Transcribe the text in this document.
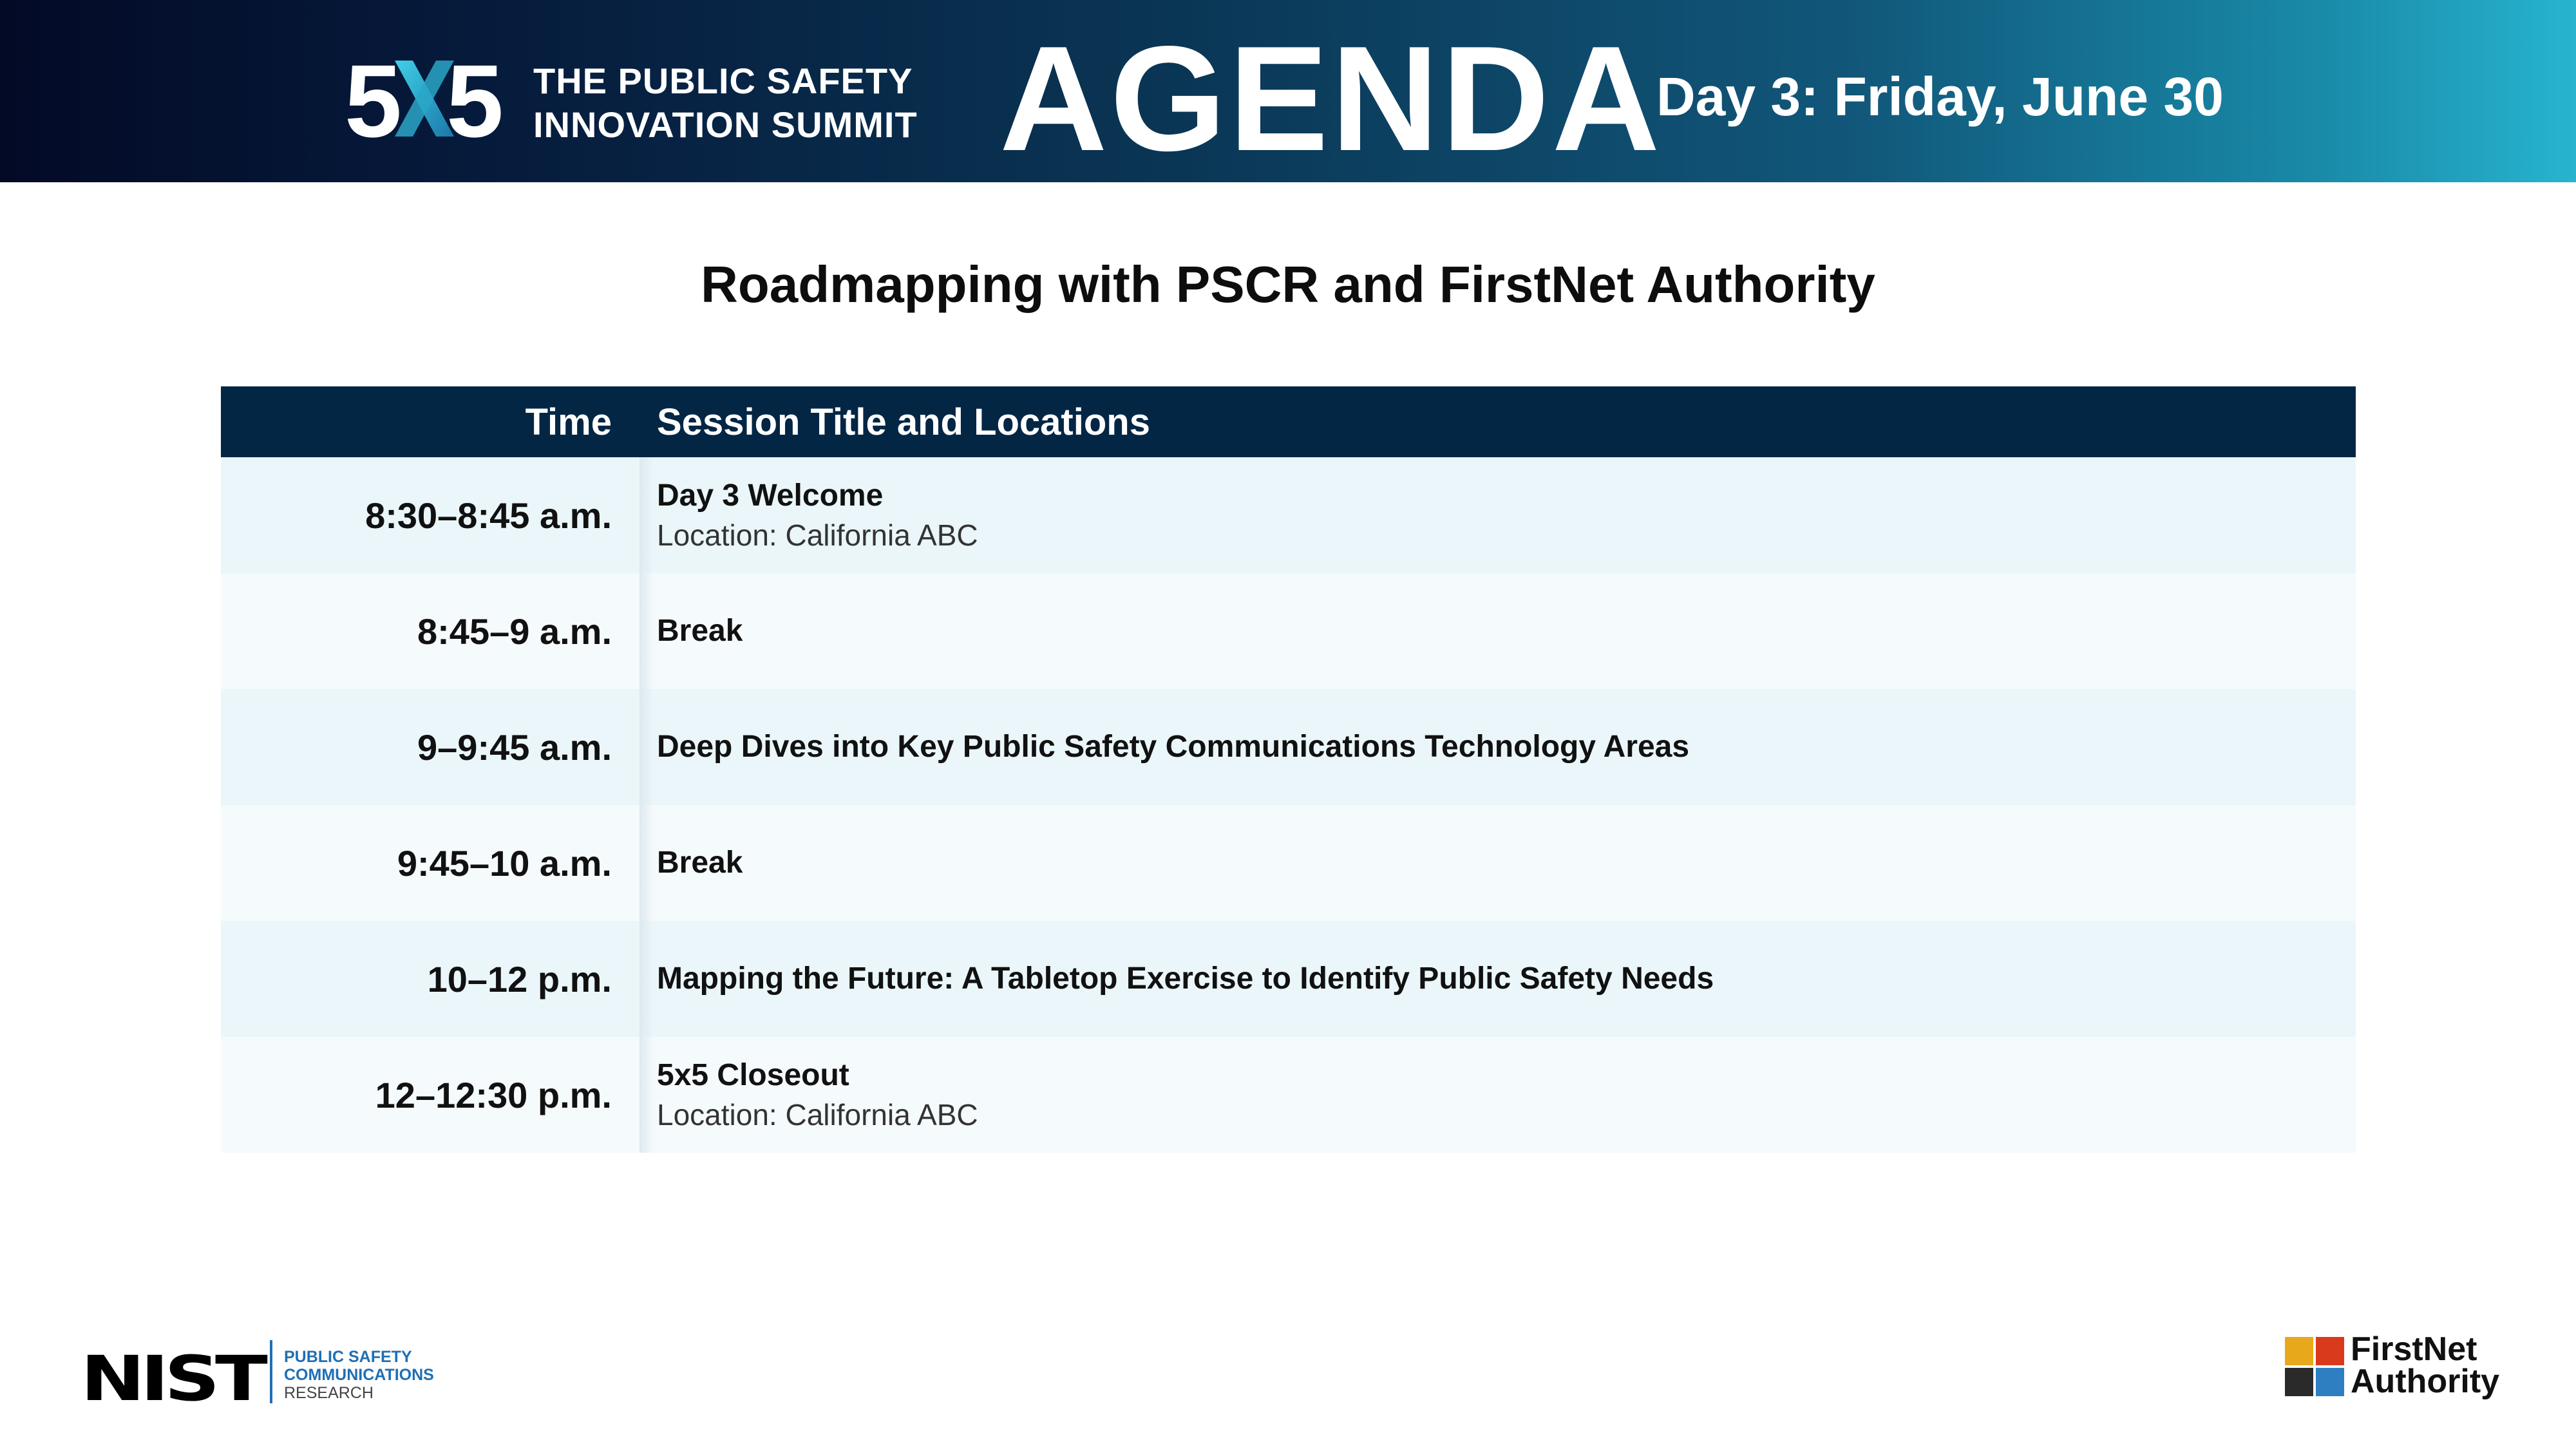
5 5 THE PUBLIC SAFETY
INNOVATION SUMMIT AGENDA
Day 3: Friday, June 30
Roadmapping with PSCR and FirstNet Authority
Time	Session Title and Locations
8:30–8:45 a.m. Day 3 Welcome
Location: California ABC
8:45–9 a.m. Break
9–9:45 a.m. Deep Dives into Key Public Safety Communications Technology Areas
9:45–10 a.m. Break
10–12 p.m. Mapping the Future: A Tabletop Exercise to Identify Public Safety Needs
12–12:30 p.m. 5x5 Closeout
Location: California ABC
NIST PUBLIC SAFETY
COMMUNICATIONS
RESEARCH
FirstNet
Authority
